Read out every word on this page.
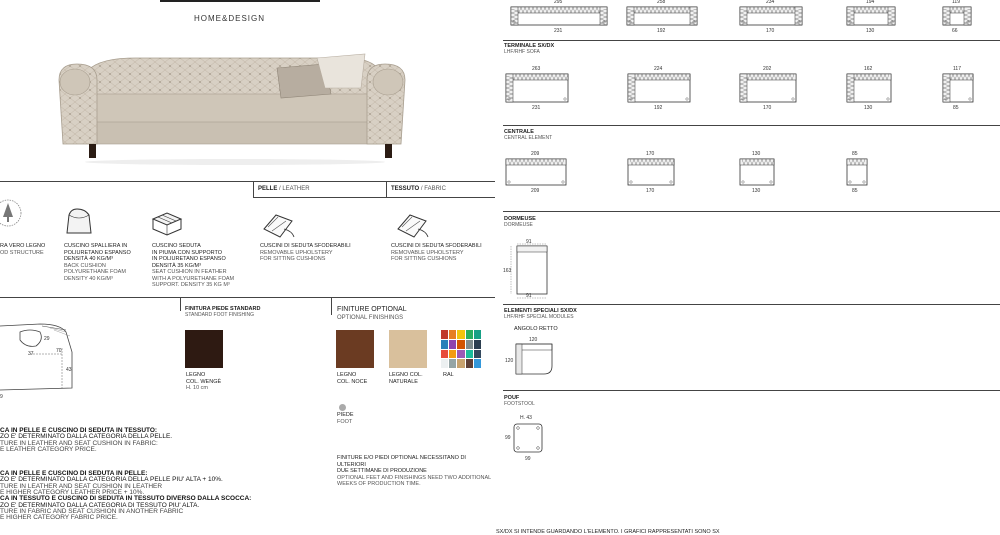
HOME&DESIGN
PELLE / LEATHER	TESSUTO / FABRIC
RA VERO LEGNO
OD STRUCTURE
CUSCINO SPALLIERA IN
POLIURETANO ESPANSO
DENSITÀ 40 KG/M³
BACK CUSHION
POLYURETHANE FOAM
DENSITY 40 KG/M³
CUSCINO SEDUTA
IN PIUMA CON SUPPORTO
IN POLIURETANO ESPANSO
DENSITÀ 35 KG/M³
SEAT CUSHION IN FEATHER
WITH A POLYURETHANE FOAM
SUPPORT. DENSITY 35 KG M³
CUSCINI DI SEDUTA SFODERABILI
REMOVABLE UPHOLSTERY
FOR SITTING CUSHIONS
CUSCINI DI SEDUTA SFODERABILI
REMOVABLE UPHOLSTERY
FOR SITTING CUSHIONS
29
70
37
43
9
FINITURA PIEDE STANDARD
STANDARD FOOT FINISHING
LEGNO
COL. WENGÈ
H. 10 cm
FINITURE OPTIONAL
OPTIONAL FINISHINGS
LEGNO
COL. NOCE
LEGNO COL.
NATURALE
RAL
PIEDE
FOOT
FINITURE E/O PIEDI OPTIONAL NECESSITANO DI ULTERIORI
DUE SETTIMANE DI PRODUZIONE
OPTIONAL FEET AND FINISHINGS NEED TWO ADDITIONAL
WEEKS OF PRODUCTION TIME.
CA IN PELLE E CUSCINO DI SEDUTA IN TESSUTO:
ZO E' DETERMINATO DALLA CATEGORIA DELLA PELLE.
TURE IN LEATHER AND SEAT CUSHION IN FABRIC:
E LEATHER CATEGORY PRICE.
CA IN PELLE E CUSCINO DI SEDUTA IN PELLE:
ZO E' DETERMINATO DALLA CATEGORIA DELLA PELLE PIU' ALTA + 10%.
TURE IN LEATHER AND SEAT CUSHION IN LEATHER
E HIGHER CATEGORY LEATHER PRICE + 10%.
CA IN TESSUTO E CUSCINO DI SEDUTA IN TESSUTO DIVERSO DALLA SCOCCA:
ZO E' DETERMINATO DALLA CATEGORIA DI TESSUTO PIU' ALTA.
TURE IN FABRIC AND SEAT CUSHION IN ANOTHER FABRIC
E HIGHER CATEGORY FABRIC PRICE.
295
231
258
192
234
170
194
130
119
66
TERMINALE SX/DX
LHF/RHF SOFA
263
231
224
192
202
170
162
130
117
85
CENTRALE
CENTRAL ELEMENT
209
209
170
170
130
130
85
85
DORMEUSE
DORMEUSE
91
163
91
ELEMENTI SPECIALI SX/DX
LHF/RHF SPECIAL MODULES
ANGOLO RETTO
120
120
POUF
FOOTSTOOL
H. 43
99
99
SX/DX SI INTENDE GUARDANDO L'ELEMENTO. I GRAFICI RAPPRESENTATI SONO SX
